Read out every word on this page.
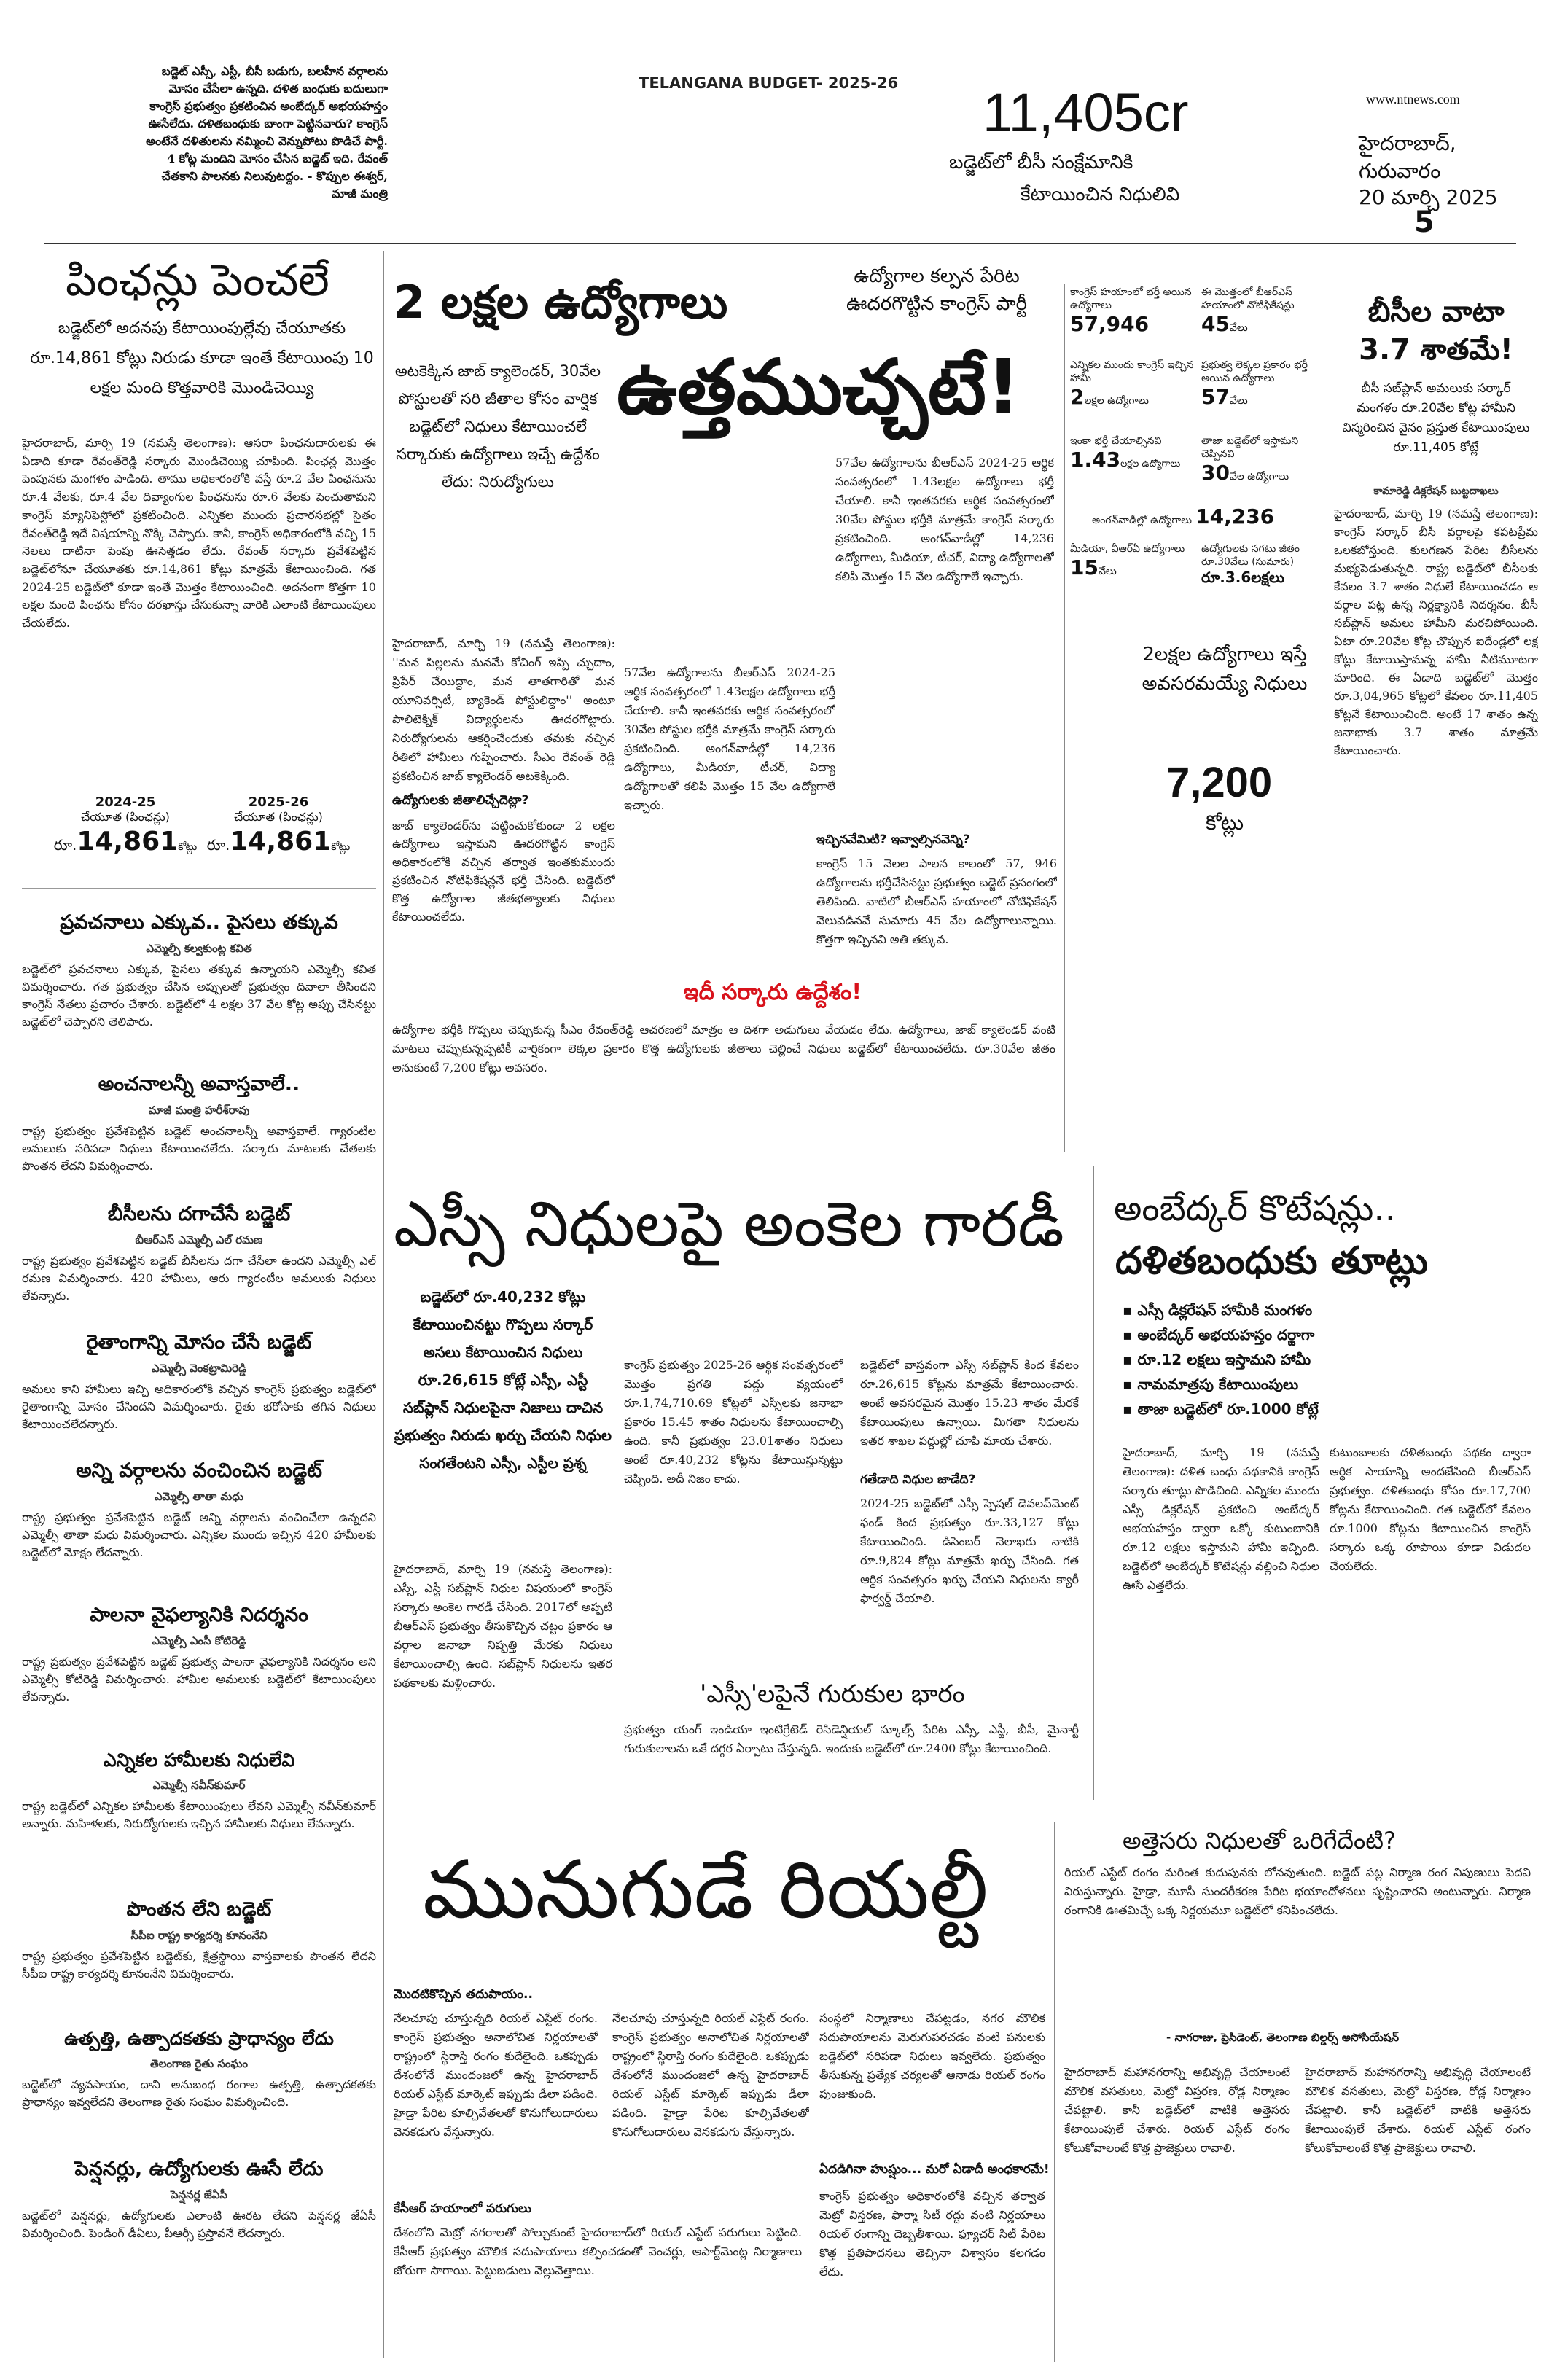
బడ్జెట్‌ ఎస్సీ, ఎస్టీ, బీసీ బడుగు, బలహీన వర్గాలను మోసం చేసేలా ఉన్నది. దళిత బంధుకు బదులుగా కాంగ్రెస్‌ ప్రభుత్వం ప్రకటించిన అంబేద్కర్‌ అభయహస్తం ఊసేలేదు. దళితబంధుకు బాంగా పెట్టినవారు? కాంగ్రెస్‌ అంటేనే దళితులను నమ్మించి వెన్నుపోటు పొడిచే పార్టీ. 4 కోట్ల మందిని మోసం చేసిన బడ్జెట్‌ ఇది. రేవంత్‌ చేతకాని పాలనకు నిలువుటద్దం. - కొప్పుల ఈశ్వర్‌, మాజీ మంత్రి
TELANGANA BUDGET- 2025-26 11,405cr
బడ్జెట్‌లో బీసీ సంక్షేమానికి
కేటాయించిన నిధులివి
www.ntnews.com
హైదరాబాద్‌, గురువారం
20 మార్చి 2025
5
పింఛన్లు పెంచలే
బడ్జెట్‌లో అదనపు కేటాయింపుల్లేవు చేయూతకు రూ.14,861 కోట్లు నిరుడు కూడా ఇంతే కేటాయింపు 10 లక్షల మంది కొత్తవారికి మొండిచెయ్యి
హైదరాబాద్‌, మార్చి 19 (నమస్తే తెలంగాణ): ఆసరా పింఛనుదారులకు ఈ ఏడాది కూడా రేవంత్‌రెడ్డి సర్కారు మొండిచెయ్యి చూపింది. పింఛన్ల మొత్తం పెంపునకు మంగళం పాడింది. తాము అధికారంలోకి వస్తే రూ.2 వేల పింఛనును రూ.4 వేలకు, రూ.4 వేల దివ్యాంగుల పింఛనును రూ.6 వేలకు పెంచుతామని కాంగ్రెస్‌ మ్యానిఫెస్టోలో ప్రకటించింది. ఎన్నికల ముందు ప్రచారసభల్లో సైతం రేవంత్‌రెడ్డి ఇదే విషయాన్ని నొక్కి చెప్పారు. కానీ, కాంగ్రెస్‌ అధికారంలోకి వచ్చి 15 నెలలు దాటినా పెంపు ఊసెత్తడం లేదు. రేవంత్‌ సర్కారు ప్రవేశపెట్టిన బడ్జెట్‌లోనూ చేయూతకు రూ.14,861 కోట్లు మాత్రమే కేటాయించింది. గత 2024-25 బడ్జెట్‌లో కూడా ఇంతే మొత్తం కేటాయించింది. అదనంగా కొత్తగా 10 లక్షల మంది పింఛను కోసం దరఖాస్తు చేసుకున్నా వారికి ఎలాంటి కేటాయింపులు చేయలేదు.
2024-25
చేయూత (పింఛన్లు)
రూ.14,861కోట్లు
2025-26
చేయూత (పింఛన్లు)
రూ.14,861కోట్లు
ప్రవచనాలు ఎక్కువ.. పైసలు తక్కువ
ఎమ్మెల్సీ కల్వకుంట్ల కవిత
బడ్జెట్‌లో ప్రవచనాలు ఎక్కువ, పైసలు తక్కువ ఉన్నాయని ఎమ్మెల్సీ కవిత విమర్శించారు. గత ప్రభుత్వం చేసిన అప్పులతో ప్రభుత్వం దివాలా తీసిందని కాంగ్రెస్‌ నేతలు ప్రచారం చేశారు. బడ్జెట్‌లో 4 లక్షల 37 వేల కోట్ల అప్పు చేసినట్టు బడ్జెట్‌లో చెప్పారని తెలిపారు.
అంచనాలన్నీ అవాస్తవాలే..
మాజీ మంత్రి హరీశ్‌రావు
రాష్ట్ర ప్రభుత్వం ప్రవేశపెట్టిన బడ్జెట్‌ అంచనాలన్నీ అవాస్తవాలే. గ్యారంటీల అమలుకు సరిపడా నిధులు కేటాయించలేదు. సర్కారు మాటలకు చేతలకు పొంతన లేదని విమర్శించారు.
బీసీలను దగాచేసే బడ్జెట్‌
బీఆర్‌ఎస్‌ ఎమ్మెల్సీ ఎల్‌ రమణ
రాష్ట్ర ప్రభుత్వం ప్రవేశపెట్టిన బడ్జెట్‌ బీసీలను దగా చేసేలా ఉందని ఎమ్మెల్సీ ఎల్‌ రమణ విమర్శించారు. 420 హామీలు, ఆరు గ్యారంటీల అమలుకు నిధులు లేవన్నారు.
రైతాంగాన్ని మోసం చేసే బడ్జెట్‌
ఎమ్మెల్సీ వెంకట్రామిరెడ్డి
అమలు కాని హామీలు ఇచ్చి అధికారంలోకి వచ్చిన కాంగ్రెస్‌ ప్రభుత్వం బడ్జెట్‌లో రైతాంగాన్ని మోసం చేసిందని విమర్శించారు. రైతు భరోసాకు తగిన నిధులు కేటాయించలేదన్నారు.
అన్ని వర్గాలను వంచించిన బడ్జెట్‌
ఎమ్మెల్సీ తాతా మధు
రాష్ట్ర ప్రభుత్వం ప్రవేశపెట్టిన బడ్జెట్‌ అన్ని వర్గాలను వంచించేలా ఉన్నదని ఎమ్మెల్సీ తాతా మధు విమర్శించారు. ఎన్నికల ముందు ఇచ్చిన 420 హామీలకు బడ్జెట్‌లో మోక్షం లేదన్నారు.
పాలనా వైఫల్యానికి నిదర్శనం
ఎమ్మెల్సీ ఎంసీ కోటిరెడ్డి
రాష్ట్ర ప్రభుత్వం ప్రవేశపెట్టిన బడ్జెట్‌ ప్రభుత్వ పాలనా వైఫల్యానికి నిదర్శనం అని ఎమ్మెల్సీ కోటిరెడ్డి విమర్శించారు. హామీల అమలుకు బడ్జెట్‌లో కేటాయింపులు లేవన్నారు.
ఎన్నికల హామీలకు నిధులేవి
ఎమ్మెల్సీ నవీన్‌కుమార్‌
రాష్ట్ర బడ్జెట్‌లో ఎన్నికల హామీలకు కేటాయింపులు లేవని ఎమ్మెల్సీ నవీన్‌కుమార్‌ అన్నారు. మహిళలకు, నిరుద్యోగులకు ఇచ్చిన హామీలకు నిధులు లేవన్నారు.
పొంతన లేని బడ్జెట్‌
సీపీఐ రాష్ట్ర కార్యదర్శి కూనంనేని
రాష్ట్ర ప్రభుత్వం ప్రవేశపెట్టిన బడ్జెట్‌కు, క్షేత్రస్థాయి వాస్తవాలకు పొంతన లేదని సీపీఐ రాష్ట్ర కార్యదర్శి కూనంనేని విమర్శించారు.
ఉత్పత్తి, ఉత్పాదకతకు ప్రాధాన్యం లేదు
తెలంగాణ రైతు సంఘం
బడ్జెట్‌లో వ్యవసాయం, దాని అనుబంధ రంగాల ఉత్పత్తి, ఉత్పాదకతకు ప్రాధాన్యం ఇవ్వలేదని తెలంగాణ రైతు సంఘం విమర్శించింది.
పెన్షనర్లు, ఉద్యోగులకు ఊసే లేదు
పెన్షనర్ల జేఏసీ
బడ్జెట్‌లో పెన్షనర్లు, ఉద్యోగులకు ఎలాంటి ఊరట లేదని పెన్షనర్ల జేఏసీ విమర్శించింది. పెండింగ్‌ డీఏలు, పీఆర్సీ ప్రస్తావనే లేదన్నారు.
ఉద్యోగాల కల్పన పేరిట ఊదరగొట్టిన కాంగ్రెస్‌ పార్టీ
2 లక్షల ఉద్యోగాలు
ఉత్తముచ్చటే!
అటకెక్కిన జాబ్‌ క్యాలెండర్‌, 30వేల పోస్టులతో సరి జీతాల కోసం వార్షిక బడ్జెట్‌లో నిధులు కేటాయించలే సర్కారుకు ఉద్యోగాలు ఇచ్చే ఉద్దేశం లేదు: నిరుద్యోగులు
కాంగ్రెస్‌ హయాంలో భర్తీ అయిన ఉద్యోగాలు
57,946
ఈ మొత్తంలో బీఆర్‌ఎస్‌ హయాంలో నోటిఫికేషన్లు
45వేలు
ఎన్నికల ముందు కాంగ్రెస్‌ ఇచ్చిన హామీ
2లక్షల ఉద్యోగాలు
ప్రభుత్వ లెక్కల ప్రకారం భర్తీ అయిన ఉద్యోగాలు
57వేలు
ఇంకా భర్తీ చేయాల్సినవి
1.43లక్షల ఉద్యోగాలు
తాజా బడ్జెట్‌లో ఇస్తామని చెప్పినవి
30వేల ఉద్యోగాలు
అంగన్‌వాడీల్లో ఉద్యోగాలు 14,236
మీడియా, వీఆర్‌ఏ ఉద్యోగాలు
15వేలు
ఉద్యోగులకు సగటు జీతం రూ.30వేలు (సుమారు)
రూ.3.6లక్షలు
2లక్షల ఉద్యోగాలు ఇస్తే అవసరమయ్యే నిధులు
7,200
కోట్లు
హైదరాబాద్‌, మార్చి 19 (నమస్తే తెలంగాణ): ''మన పిల్లలను మనమే కోచింగ్‌ ఇప్పి చ్చుదాం, ప్రిపేర్‌ చేయిద్దాం, మన తాతగారితో మన యూనివర్సిటీ, బ్యాకెండ్‌ పోస్టులిద్దాం'' అంటూ పాలిటెక్నిక్‌ విద్యార్థులను ఊదరగొట్టారు. నిరుద్యోగులను ఆకర్షించేందుకు తమకు నచ్చిన రీతిలో హామీలు గుప్పించారు. సీఎం రేవంత్‌ రెడ్డి ప్రకటించిన జాబ్‌ క్యాలెండర్‌ అటకెక్కింది.
ఉద్యోగులకు జీతాలిచ్చేదెట్లా?
జాబ్‌ క్యాలెండర్‌ను పట్టించుకోకుండా 2 లక్షల ఉద్యోగాలు ఇస్తామని ఊదరగొట్టిన కాంగ్రెస్‌ అధికారంలోకి వచ్చిన తర్వాత ఇంతకుముందు ప్రకటించిన నోటిఫికేషన్లనే భర్తీ చేసింది. బడ్జెట్‌లో కొత్త ఉద్యోగాల జీతభత్యాలకు నిధులు కేటాయించలేదు.
57వేల ఉద్యోగాలను బీఆర్‌ఎస్‌ 2024-25 ఆర్థిక సంవత్సరంలో 1.43లక్షల ఉద్యోగాలు భర్తీ చేయాలి. కానీ ఇంతవరకు ఆర్థిక సంవత్సరంలో 30వేల పోస్టుల భర్తీకి మాత్రమే కాంగ్రెస్‌ సర్కారు ప్రకటించింది. అంగన్‌వాడీల్లో 14,236 ఉద్యోగాలు, మీడియా, టీచర్‌, విద్యా ఉద్యోగాలతో కలిపి మొత్తం 15 వేల ఉద్యోగాలే ఇచ్చారు.
57వేల ఉద్యోగాలను బీఆర్‌ఎస్‌ 2024-25 ఆర్థిక సంవత్సరంలో 1.43లక్షల ఉద్యోగాలు భర్తీ చేయాలి. కానీ ఇంతవరకు ఆర్థిక సంవత్సరంలో 30వేల పోస్టుల భర్తీకి మాత్రమే కాంగ్రెస్‌ సర్కారు ప్రకటించింది. అంగన్‌వాడీల్లో 14,236 ఉద్యోగాలు, మీడియా, టీచర్‌, విద్యా ఉద్యోగాలతో కలిపి మొత్తం 15 వేల ఉద్యోగాలే ఇచ్చారు.
ఇచ్చినవేమిటి? ఇవ్వాల్సినవెన్ని?
కాంగ్రెస్‌ 15 నెలల పాలన కాలంలో 57, 946 ఉద్యోగాలను భర్తీచేసినట్టు ప్రభుత్వం బడ్జెట్‌ ప్రసంగంలో తెలిపింది. వాటిలో బీఆర్‌ఎస్‌ హయాంలో నోటిఫికేషన్‌ వెలువడినవే సుమారు 45 వేల ఉద్యోగాలున్నాయి. కొత్తగా ఇచ్చినవి అతి తక్కువ.
ఇదీ సర్కారు ఉద్దేశం!
ఉద్యోగాల భర్తీకి గొప్పలు చెప్పుకున్న సీఎం రేవంత్‌రెడ్డి ఆచరణలో మాత్రం ఆ దిశగా అడుగులు వేయడం లేదు. ఉద్యోగాలు, జాబ్‌ క్యాలెండర్‌ వంటి మాటలు చెప్పుకున్నప్పటికీ వార్షికంగా లెక్కల ప్రకారం కొత్త ఉద్యోగులకు జీతాలు చెల్లించే నిధులు బడ్జెట్‌లో కేటాయించలేదు. రూ.30వేల జీతం అనుకుంటే 7,200 కోట్లు అవసరం.
బీసీల వాటా 3.7 శాతమే!
బీసీ సబ్‌ప్లాన్‌ అమలుకు సర్కార్‌ మంగళం రూ.20వేల కోట్ల హామీని విస్మరించిన వైనం ప్రస్తుత కేటాయింపులు రూ.11,405 కోట్లే
కామారెడ్డి డిక్లరేషన్‌ బుట్టదాఖలు
హైదరాబాద్‌, మార్చి 19 (నమస్తే తెలంగాణ): కాంగ్రెస్‌ సర్కార్‌ బీసీ వర్గాలపై కపటప్రేమ ఒలకబోస్తుంది. కులగణన పేరిట బీసీలను మభ్యపెడుతున్నది. రాష్ట్ర బడ్జెట్‌లో బీసీలకు కేవలం 3.7 శాతం నిధులే కేటాయించడం ఆ వర్గాల పట్ల ఉన్న నిర్లక్ష్యానికి నిదర్శనం. బీసీ సబ్‌ప్లాన్‌ అమలు హామీని మరచిపోయింది. ఏటా రూ.20వేల కోట్ల చొప్పున ఐదేండ్లలో లక్ష కోట్లు కేటాయిస్తామన్న హామీ నీటిమూటగా మారింది. ఈ ఏడాది బడ్జెట్‌లో మొత్తం రూ.3,04,965 కోట్లలో కేవలం రూ.11,405 కోట్లనే కేటాయించింది. అంటే 17 శాతం ఉన్న జనాభాకు 3.7 శాతం మాత్రమే కేటాయించారు.
ఎస్సీ నిధులపై అంకెల గారడీ
బడ్జెట్‌లో రూ.40,232 కోట్లు కేటాయించినట్టు గొప్పలు సర్కార్‌ అసలు కేటాయించిన నిధులు రూ.26,615 కోట్లే ఎస్సీ, ఎస్టీ సబ్‌ప్లాన్‌ నిధులపైనా నిజాలు దాచిన ప్రభుత్వం నిరుడు ఖర్చు చేయని నిధుల సంగతేంటని ఎస్సీ, ఎస్టీల ప్రశ్న
హైదరాబాద్‌, మార్చి 19 (నమస్తే తెలంగాణ): ఎస్సీ, ఎస్టీ సబ్‌ప్లాన్‌ నిధుల విషయంలో కాంగ్రెస్‌ సర్కారు అంకెల గారడీ చేసింది. 2017లో అప్పటి బీఆర్‌ఎస్‌ ప్రభుత్వం తీసుకొచ్చిన చట్టం ప్రకారం ఆ వర్గాల జనాభా నిష్పత్తి మేరకు నిధులు కేటాయించాల్సి ఉంది. సబ్‌ప్లాన్‌ నిధులను ఇతర పథకాలకు మళ్లించారు.
కాంగ్రెస్‌ ప్రభుత్వం 2025-26 ఆర్థిక సంవత్సరంలో మొత్తం ప్రగతి పద్దు వ్యయంలో రూ.1,74,710.69 కోట్లలో ఎస్సీలకు జనాభా ప్రకారం 15.45 శాతం నిధులను కేటాయించాల్సి ఉంది. కానీ ప్రభుత్వం 23.01శాతం నిధులు అంటే రూ.40,232 కోట్లను కేటాయిస్తున్నట్టు చెప్పింది. అదీ నిజం కాదు.
బడ్జెట్‌లో వాస్తవంగా ఎస్సీ సబ్‌ప్లాన్‌ కింద కేవలం రూ.26,615 కోట్లను మాత్రమే కేటాయించారు. అంటే అవసరమైన మొత్తం 15.23 శాతం మేరకే కేటాయింపులు ఉన్నాయి. మిగతా నిధులను ఇతర శాఖల పద్దుల్లో చూపి మాయ చేశారు.
గతేడాది నిధుల జాడేది?
2024-25 బడ్జెట్‌లో ఎస్సీ స్పెషల్‌ డెవలప్‌మెంట్‌ ఫండ్‌ కింద ప్రభుత్వం రూ.33,127 కోట్లు కేటాయించింది. డిసెంబర్‌ నెలాఖరు నాటికి రూ.9,824 కోట్లు మాత్రమే ఖర్చు చేసింది. గత ఆర్థిక సంవత్సరం ఖర్చు చేయని నిధులను క్యారీ ఫార్వర్డ్‌ చేయాలి.
'ఎస్సీ'లపైనే గురుకుల భారం
ప్రభుత్వం యంగ్‌ ఇండియా ఇంటిగ్రేటెడ్‌ రెసిడెన్షియల్‌ స్కూల్స్‌ పేరిట ఎస్సీ, ఎస్టీ, బీసీ, మైనార్టీ గురుకులాలను ఒకే దగ్గర ఏర్పాటు చేస్తున్నది. ఇందుకు బడ్జెట్‌లో రూ.2400 కోట్లు కేటాయించింది.
అంబేద్కర్‌ కొటేషన్లు..
దళితబంధుకు తూట్లు
▪ ఎస్సీ డిక్లరేషన్‌ హామీకి మంగళం
▪ అంబేద్కర్‌ అభయహస్తం దర్జాగా
▪ రూ.12 లక్షలు ఇస్తామని హామీ
▪ నామమాత్రపు కేటాయింపులు
▪ తాజా బడ్జెట్‌లో రూ.1000 కోట్లే
హైదరాబాద్‌, మార్చి 19 (నమస్తే తెలంగాణ): దళిత బంధు పథకానికి కాంగ్రెస్‌ సర్కారు తూట్లు పొడిచింది. ఎన్నికల ముందు ఎస్సీ డిక్లరేషన్‌ ప్రకటించి అంబేద్కర్‌ అభయహస్తం ద్వారా ఒక్కో కుటుంబానికి రూ.12 లక్షలు ఇస్తామని హామీ ఇచ్చింది. బడ్జెట్‌లో అంబేద్కర్‌ కొటేషన్లు వల్లించి నిధుల ఊసే ఎత్తలేదు.
కుటుంబాలకు దళితబంధు పథకం ద్వారా ఆర్థిక సాయాన్ని అందజేసింది బీఆర్‌ఎస్‌ ప్రభుత్వం. దళితబంధు కోసం రూ.17,700 కోట్లను కేటాయించింది. గత బడ్జెట్‌లో కేవలం రూ.1000 కోట్లను కేటాయించిన కాంగ్రెస్‌ సర్కారు ఒక్క రూపాయి కూడా విడుదల చేయలేదు.
మునుగుడే రియల్టీ
మొదటికొచ్చిన తదుపాయం..
నేలచూపు చూస్తున్నది రియల్‌ ఎస్టేట్‌ రంగం. కాంగ్రెస్‌ ప్రభుత్వం అనాలోచిత నిర్ణయాలతో రాష్ట్రంలో స్థిరాస్తి రంగం కుదేలైంది. ఒకప్పుడు దేశంలోనే ముందంజలో ఉన్న హైదరాబాద్‌ రియల్‌ ఎస్టేట్‌ మార్కెట్‌ ఇప్పుడు డీలా పడింది. హైడ్రా పేరిట కూల్చివేతలతో కొనుగోలుదారులు వెనకడుగు వేస్తున్నారు.
కేసీఆర్‌ హయాంలో పరుగులు
దేశంలోని మెట్రో నగరాలతో పోల్చుకుంటే హైదరాబాద్‌లో రియల్‌ ఎస్టేట్‌ పరుగులు పెట్టింది. కేసీఆర్‌ ప్రభుత్వం మౌలిక సదుపాయాలు కల్పించడంతో వెంచర్లు, అపార్ట్‌మెంట్ల నిర్మాణాలు జోరుగా సాగాయి. పెట్టుబడులు వెల్లువెత్తాయి.
నేలచూపు చూస్తున్నది రియల్‌ ఎస్టేట్‌ రంగం. కాంగ్రెస్‌ ప్రభుత్వం అనాలోచిత నిర్ణయాలతో రాష్ట్రంలో స్థిరాస్తి రంగం కుదేలైంది. ఒకప్పుడు దేశంలోనే ముందంజలో ఉన్న హైదరాబాద్‌ రియల్‌ ఎస్టేట్‌ మార్కెట్‌ ఇప్పుడు డీలా పడింది. హైడ్రా పేరిట కూల్చివేతలతో కొనుగోలుదారులు వెనకడుగు వేస్తున్నారు.
సంస్థలో నిర్మాణాలు చేపట్టడం, నగర మౌలిక సదుపాయాలను మెరుగుపరచడం వంటి పనులకు బడ్జెట్‌లో సరిపడా నిధులు ఇవ్వలేదు. ప్రభుత్వం తీసుకున్న ప్రత్యేక చర్యలతో ఆనాడు రియల్‌ రంగం పుంజుకుంది.
ఏదడిగినా హుష్షుం... మరో ఏడాదీ అంధకారమే!
కాంగ్రెస్‌ ప్రభుత్వం అధికారంలోకి వచ్చిన తర్వాత మెట్రో విస్తరణ, ఫార్మా సిటీ రద్దు వంటి నిర్ణయాలు రియల్‌ రంగాన్ని దెబ్బతీశాయి. ఫ్యూచర్‌ సిటీ పేరిట కొత్త ప్రతిపాదనలు తెచ్చినా విశ్వాసం కలగడం లేదు.
అత్తెసరు నిధులతో ఒరిగేదేంటి?
రియల్‌ ఎస్టేట్‌ రంగం మరింత కుదుపునకు లోనవుతుంది. బడ్జెట్‌ పట్ల నిర్మాణ రంగ నిపుణులు పెదవి విరుస్తున్నారు. హైడ్రా, మూసీ సుందరీకరణ పేరిట భయాందోళనలు సృష్టించారని అంటున్నారు. నిర్మాణ రంగానికి ఊతమిచ్చే ఒక్క నిర్ణయమూ బడ్జెట్‌లో కనిపించలేదు.
- నాగరాజు, ప్రెసిడెంట్‌, తెలంగాణ బిల్డర్స్‌ అసోసియేషన్‌
హైదరాబాద్‌ మహానగరాన్ని అభివృద్ధి చేయాలంటే మౌలిక వసతులు, మెట్రో విస్తరణ, రోడ్ల నిర్మాణం చేపట్టాలి. కానీ బడ్జెట్‌లో వాటికి అత్తెసరు కేటాయింపులే చేశారు. రియల్‌ ఎస్టేట్‌ రంగం కోలుకోవాలంటే కొత్త ప్రాజెక్టులు రావాలి.
హైదరాబాద్‌ మహానగరాన్ని అభివృద్ధి చేయాలంటే మౌలిక వసతులు, మెట్రో విస్తరణ, రోడ్ల నిర్మాణం చేపట్టాలి. కానీ బడ్జెట్‌లో వాటికి అత్తెసరు కేటాయింపులే చేశారు. రియల్‌ ఎస్టేట్‌ రంగం కోలుకోవాలంటే కొత్త ప్రాజెక్టులు రావాలి.
